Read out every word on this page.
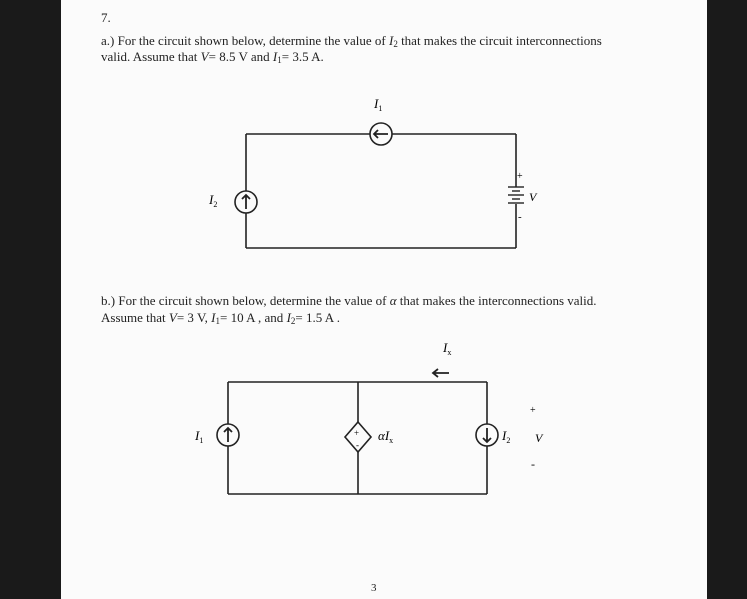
7.
a.) For the circuit shown below, determine the value of $I_2$ that makes the circuit interconnections
valid. Assume that V= 8.5 V and $I_1= 3.5$ A.
b.) For the circuit shown below, determine the value of α that makes the interconnections valid.
Assume that V= 3 V, $I_1= 10$ A , and $I_2= 1.5$ A .
3
$I_1$
$I_2$
+
-
V
$I_x$
$I_1$
+
-
$\alpha I_x$	$I_2$
+
V
-
